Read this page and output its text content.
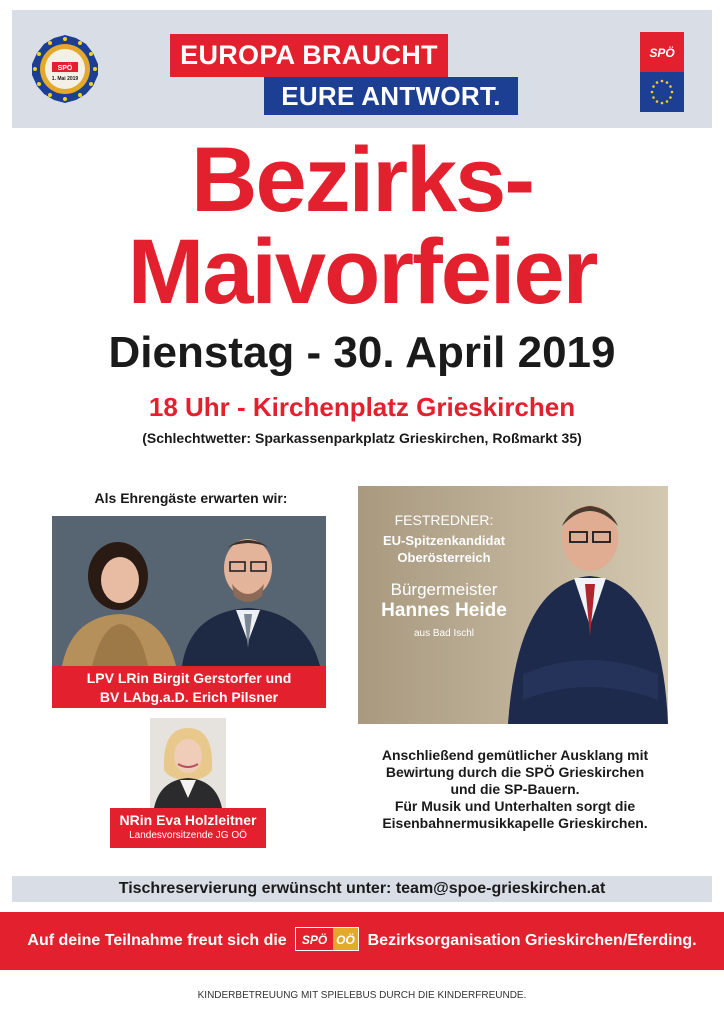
SPÖ
1. Mai 2019
EUROPA BRAUCHT
EURE ANTWORT.
SPÖ
Bezirks-
Maivorfeier
Dienstag - 30. April 2019
18 Uhr - Kirchenplatz Grieskirchen
(Schlechtwetter: Sparkassenparkplatz Grieskirchen, Roßmarkt 35)
Als Ehrengäste erwarten wir:
LPV LRin Birgit Gerstorfer und
BV LAbg.a.D. Erich Pilsner
NRin Eva Holzleitner
Landesvorsitzende JG OÖ
FESTREDNER:
EU-Spitzenkandidat
Oberösterreich
Bürgermeister
Hannes Heide
aus Bad Ischl
Anschließend gemütlicher Ausklang mit
Bewirtung durch die SPÖ Grieskirchen
und die SP-Bauern.
Für Musik und Unterhalten sorgt die
Eisenbahnermusikkapelle Grieskirchen.
Tischreservierung erwünscht unter: team@spoe-grieskirchen.at
Auf deine Teilnahme freut sich die SPÖ OÖ Bezirksorganisation Grieskirchen/Eferding.
KINDERBETREUUNG MIT SPIELEBUS DURCH DIE KINDERFREUNDE.
